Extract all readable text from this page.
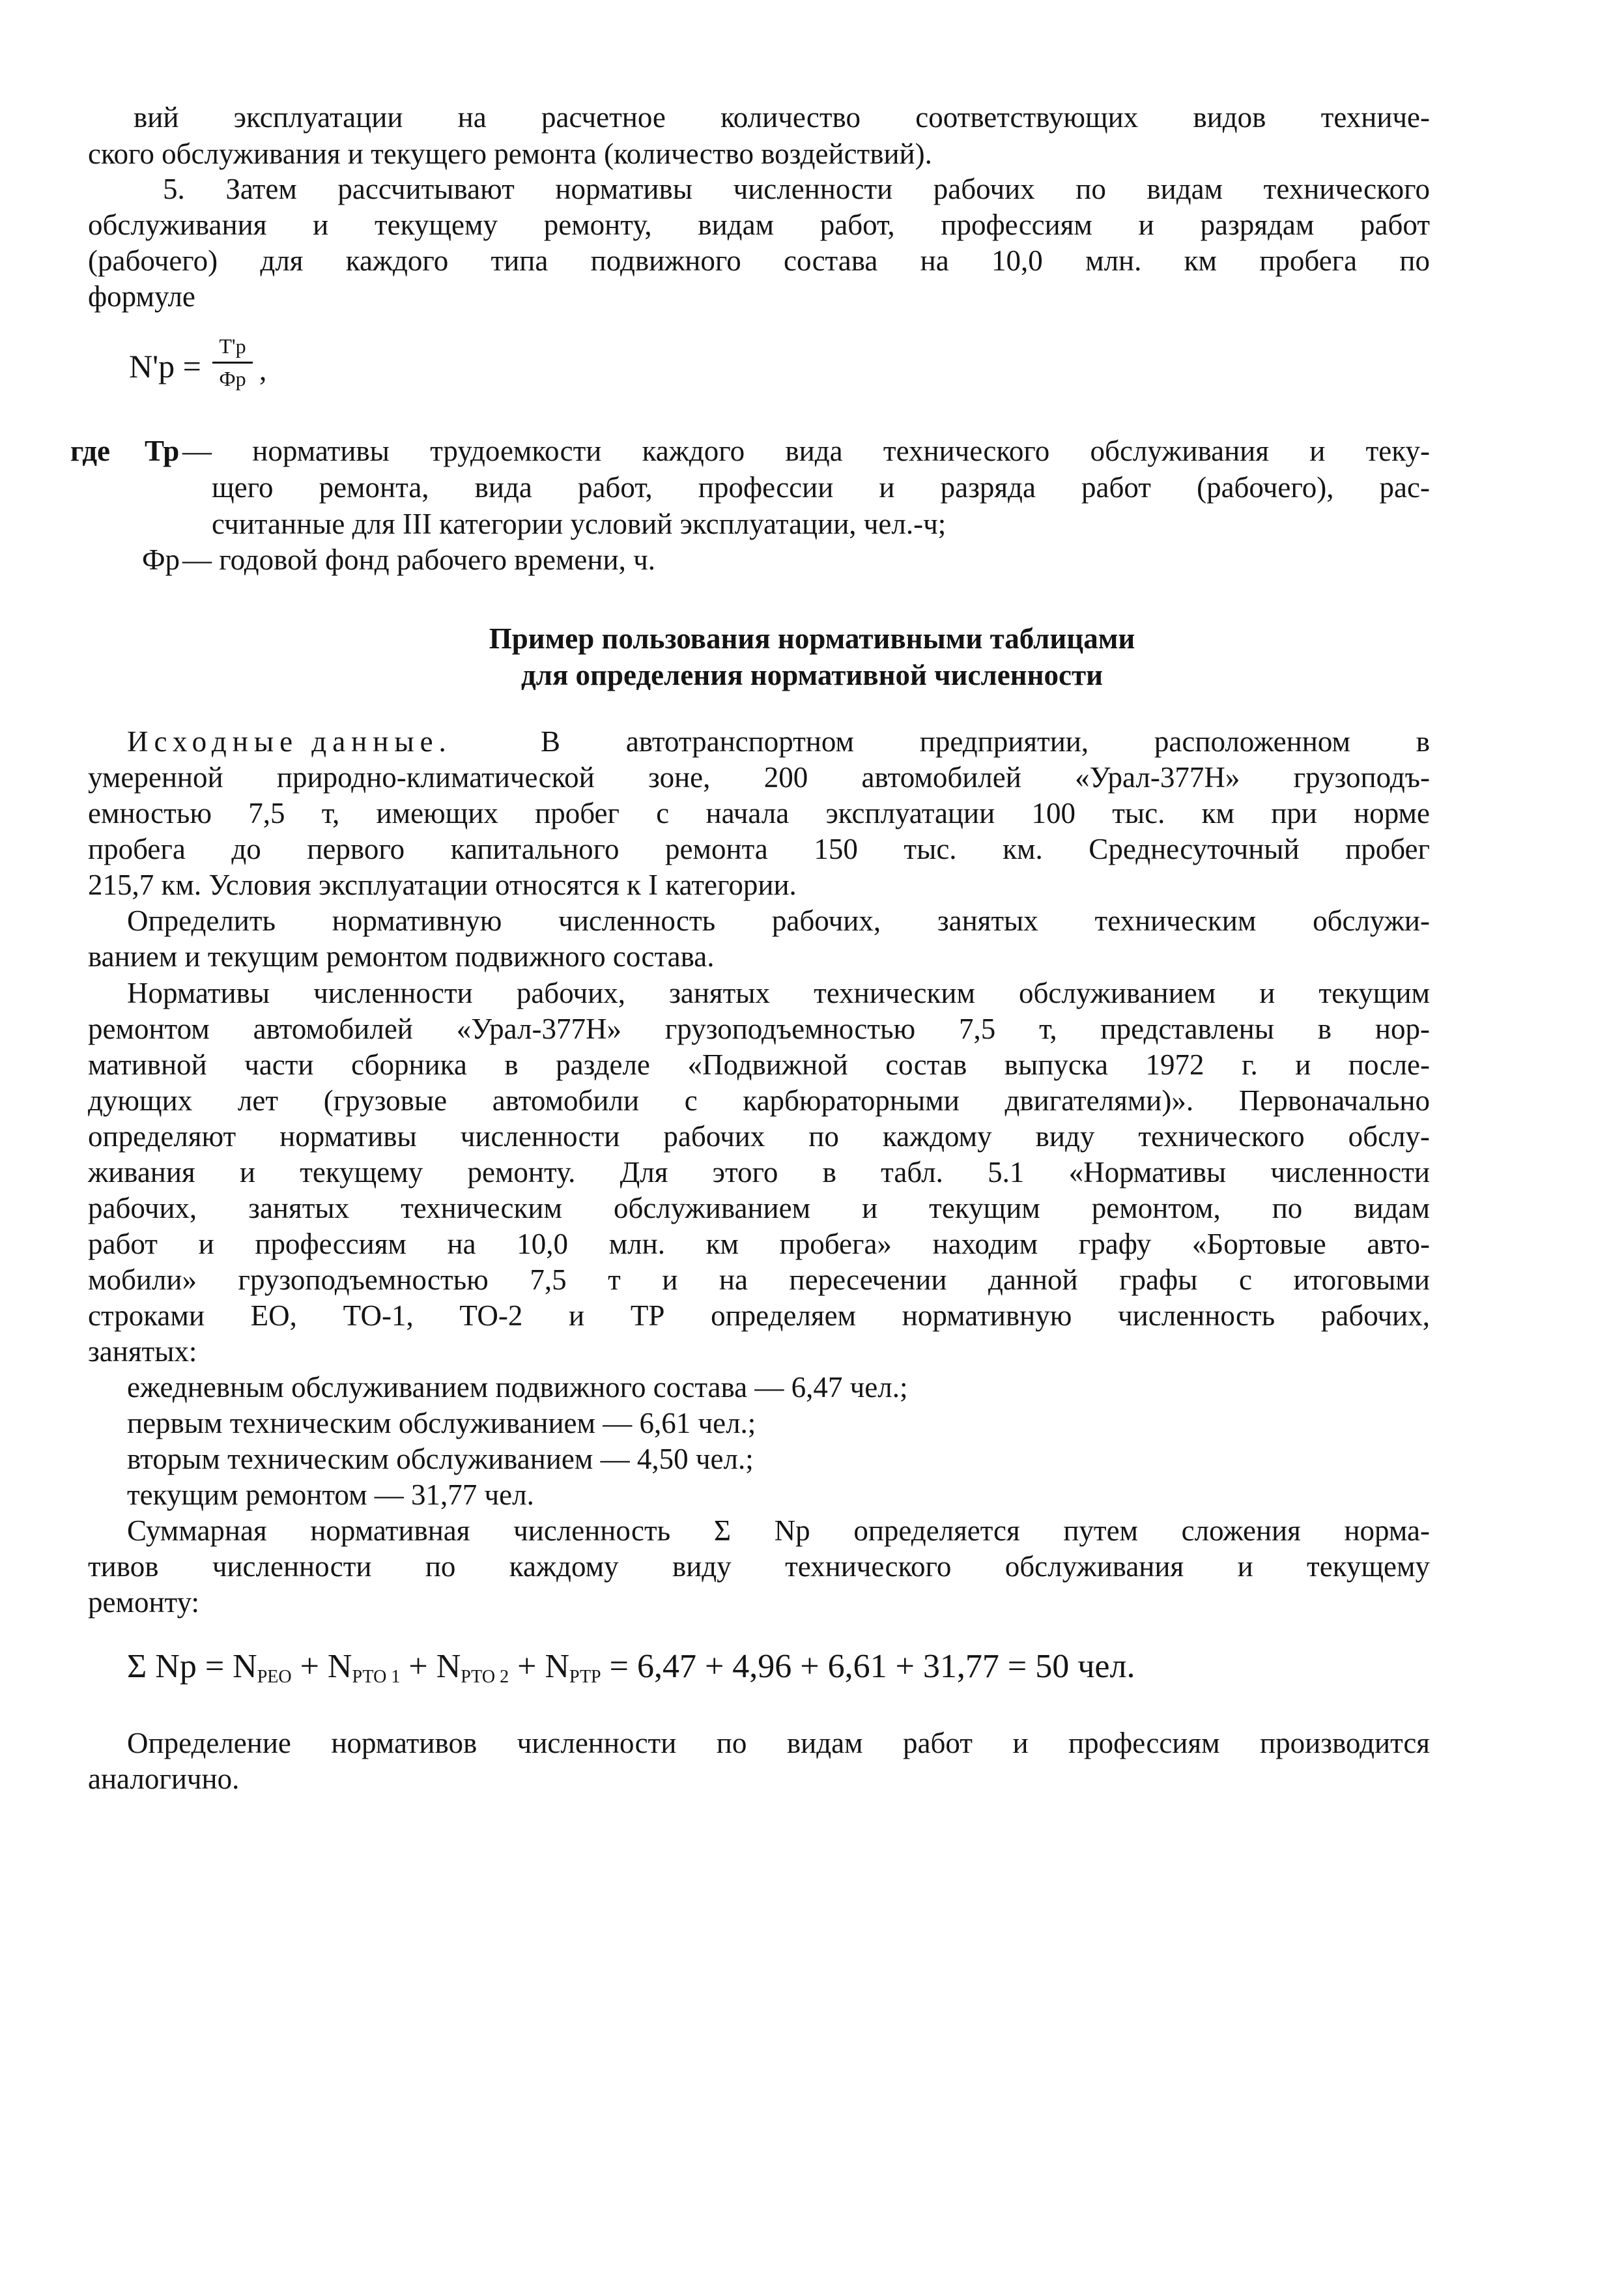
вий эксплуатации на расчетное количество соответствующих видов техниче-
ского обслуживания и текущего ремонта (количество воздействий).
5. Затем рассчитывают нормативы численности рабочих по видам технического
обслуживания и текущему ремонту, видам работ, профессиям и разрядам работ
(рабочего) для каждого типа подвижного состава на 10,0 млн. км пробега по
формуле
N'р =
Т'р
Фр ,
где Тр — нормативы трудоемкости каждого вида технического обслуживания и теку-
щего ремонта, вида работ, профессии и разряда работ (рабочего), рас-
считанные для III категории условий эксплуатации, чел.-ч;
Фр — годовой фонд рабочего времени, ч.
Пример пользования нормативными таблицами
для определения нормативной численности
Исходные данные.	В автотранспортном предприятии, расположенном в
умеренной природно-климатической зоне, 200 автомобилей «Урал-377Н» грузоподъ-
емностью 7,5 т, имеющих пробег с начала эксплуатации 100 тыс. км при норме
пробега до первого капитального ремонта 150 тыс. км. Среднесуточный пробег
215,7 км. Условия эксплуатации относятся к I категории.
Определить нормативную численность рабочих, занятых техническим обслужи-
ванием и текущим ремонтом подвижного состава.
Нормативы численности рабочих, занятых техническим обслуживанием и текущим
ремонтом автомобилей «Урал-377Н» грузоподъемностью 7,5 т, представлены в нор-
мативной части сборника в разделе «Подвижной состав выпуска 1972 г. и после-
дующих лет (грузовые автомобили с карбюраторными двигателями)». Первоначально
определяют нормативы численности рабочих по каждому виду технического обслу-
живания и текущему ремонту. Для этого в табл. 5.1 «Нормативы численности
рабочих, занятых техническим обслуживанием и текущим ремонтом, по видам
работ и профессиям на 10,0 млн. км пробега» находим графу «Бортовые авто-
мобили» грузоподъемностью 7,5 т и на пересечении данной графы с итоговыми
строками ЕО, ТО-1, ТО-2 и ТР определяем нормативную численность рабочих,
занятых:
ежедневным обслуживанием подвижного состава — 6,47 чел.;
первым техническим обслуживанием — 6,61 чел.;
вторым техническим обслуживанием — 4,50 чел.;
текущим ремонтом — 31,77 чел.
Суммарная нормативная численность Σ Nр определяется путем сложения норма-
тивов численности по каждому виду технического обслуживания и текущему
ремонту:
Σ Nр = $N_{РЕО} + N_{РТО 1} + N_{РТО 2} + N_{РТР} = 6,47 + 4,96 + 6,61 + 31,77 = 50$ чел.
Определение нормативов численности по видам работ и профессиям производится
аналогично.
